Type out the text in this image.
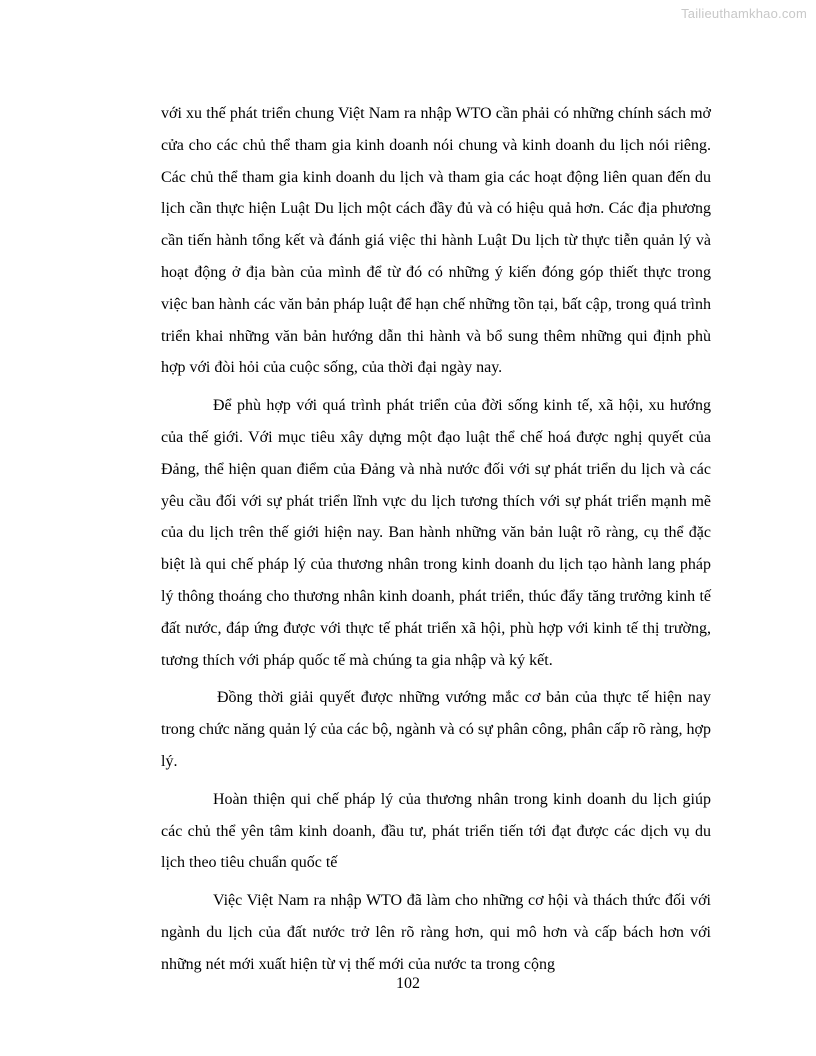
Tailieuthamkhao.com

với xu thế phát triển chung Việt Nam ra nhập WTO cần phải có những chính sách mở cửa cho các chủ thể tham gia kinh doanh nói chung và kinh doanh du lịch nói riêng. Các chủ thể tham gia kinh doanh du lịch và tham gia các hoạt động liên quan đến du lịch cần thực hiện Luật Du lịch một cách đầy đủ và có hiệu quả hơn. Các địa phương cần tiến hành tổng kết và đánh giá việc thi hành Luật Du lịch từ thực tiễn quản lý và hoạt động ở địa bàn của mình để từ đó có những ý kiến đóng góp thiết thực trong việc ban hành các văn bản pháp luật để hạn chế những tồn tại, bất cập, trong quá trình triển khai những văn bản hướng dẫn thi hành và bổ sung thêm những qui định phù hợp với đòi hỏi của cuộc sống, của thời đại ngày nay.

Để phù hợp với quá trình phát triển của đời sống kinh tế, xã hội, xu hướng của thế giới. Với mục tiêu xây dựng một đạo luật thể chế hoá được nghị quyết của Đảng, thể hiện quan điểm của Đảng và nhà nước đối với sự phát triển du lịch và các yêu cầu đối với sự phát triển lĩnh vực du lịch tương thích với sự phát triển mạnh mẽ của du lịch trên thế giới hiện nay. Ban hành những văn bản luật rõ ràng, cụ thể đặc biệt là qui chế pháp lý của thương nhân trong kinh doanh du lịch tạo hành lang pháp lý thông thoáng cho thương nhân kinh doanh, phát triển, thúc đẩy tăng trưởng kinh tế đất nước, đáp ứng được với thực tế phát triển xã hội, phù hợp với kinh tế thị trường, tương thích với pháp quốc tế mà chúng ta gia nhập và ký kết.

Đồng thời giải quyết được những vướng mắc cơ bản của thực tế hiện nay trong chức năng quản lý của các bộ, ngành và có sự phân công, phân cấp rõ ràng, hợp lý.

Hoàn thiện qui chế pháp lý của thương nhân trong kinh doanh du lịch giúp các chủ thể yên tâm kinh doanh, đầu tư, phát triển tiến tới đạt được các dịch vụ du lịch theo tiêu chuẩn quốc tế

Việc Việt Nam ra nhập WTO đã làm cho những cơ hội và thách thức đối với ngành du lịch của đất nước trở lên rõ ràng hơn, qui mô hơn và cấp bách hơn với những nét mới xuất hiện từ vị thế mới của nước ta trong cộng

102
